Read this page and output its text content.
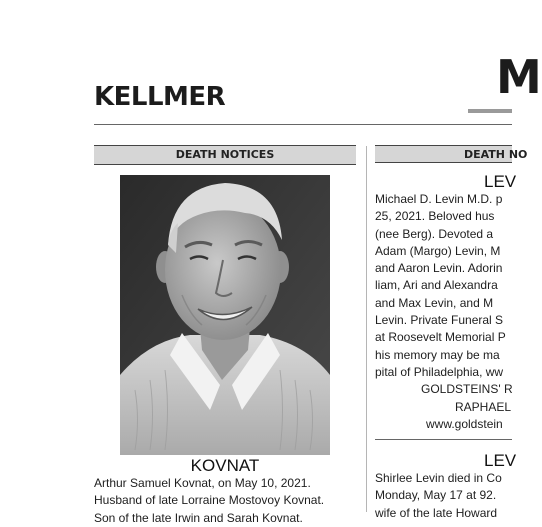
KELLMER	M
DEATH NOTICES	DEATH NO
KOVNAT
Arthur Samuel Kovnat, on May 10, 2021.
Husband of late Lorraine Mostovoy Kovnat.
Son of the late Irwin and Sarah Kovnat.
LEV
Michael D. Levin M.D. p
25, 2021. Beloved hus
(nee Berg). Devoted a
Adam (Margo) Levin, M
and Aaron Levin. Adorin
liam, Ari and Alexandra
and Max Levin, and M
Levin. Private Funeral S
at Roosevelt Memorial P
his memory may be ma
pital of Philadelphia, ww
GOLDSTEINS' R
RAPHAEL
www.goldstein
LEV
Shirlee Levin died in Co
Monday, May 17 at 92.
wife of the late Howard
